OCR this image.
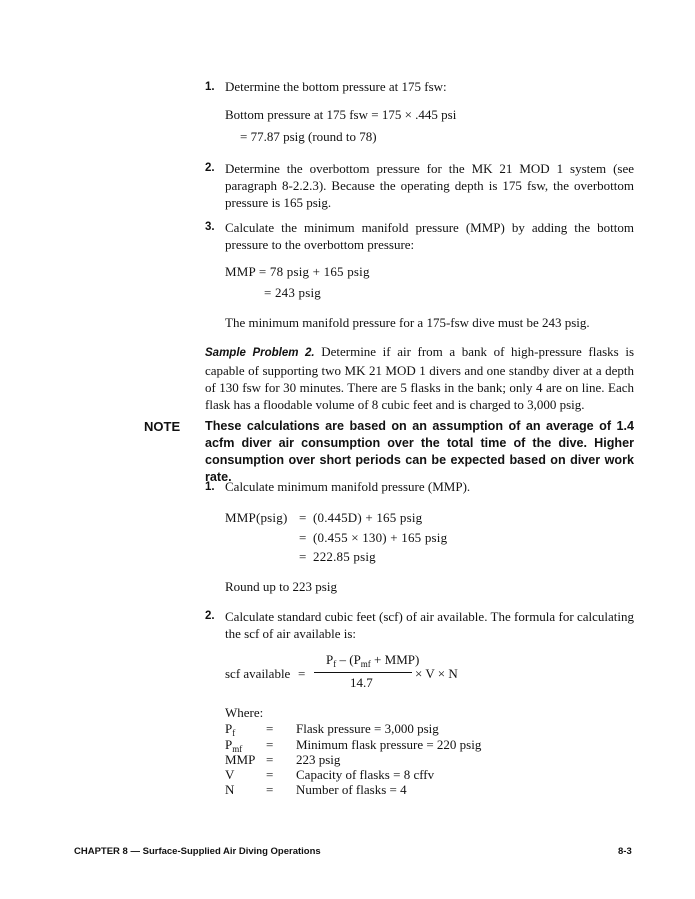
1. Determine the bottom pressure at 175 fsw:
Bottom pressure at 175 fsw = 175 × .445 psi
= 77.87 psig (round to 78)
2. Determine the overbottom pressure for the MK 21 MOD 1 system (see paragraph 8-2.2.3). Because the operating depth is 175 fsw, the overbottom pressure is 165 psig.
3. Calculate the minimum manifold pressure (MMP) by adding the bottom pressure to the overbottom pressure:
MMP = 78 psig + 165 psig
= 243 psig
The minimum manifold pressure for a 175-fsw dive must be 243 psig.
Sample Problem 2. Determine if air from a bank of high-pressure flasks is capable of supporting two MK 21 MOD 1 divers and one standby diver at a depth of 130 fsw for 30 minutes. There are 5 flasks in the bank; only 4 are on line. Each flask has a floodable volume of 8 cubic feet and is charged to 3,000 psig.
NOTE These calculations are based on an assumption of an average of 1.4 acfm diver air consumption over the total time of the dive. Higher consumption over short periods can be expected based on diver work rate.
1. Calculate minimum manifold pressure (MMP).
MMP(psig) = (0.445D) + 165 psig
= (0.455 × 130) + 165 psig
= 222.85 psig
Round up to 223 psig
2. Calculate standard cubic feet (scf) of air available. The formula for calculating the scf of air available is:
scf available =
$P_f - (P_{mf} + MMP)$
14.7
× V × N
Where:
$P_f$ = Flask pressure = 3,000 psig
$P_{mf}$ = Minimum flask pressure = 220 psig
MMP = 223 psig
V = Capacity of flasks = 8 cffv
N = Number of flasks = 4
CHAPTER 8 — Surface-Supplied Air Diving Operations	8-3
